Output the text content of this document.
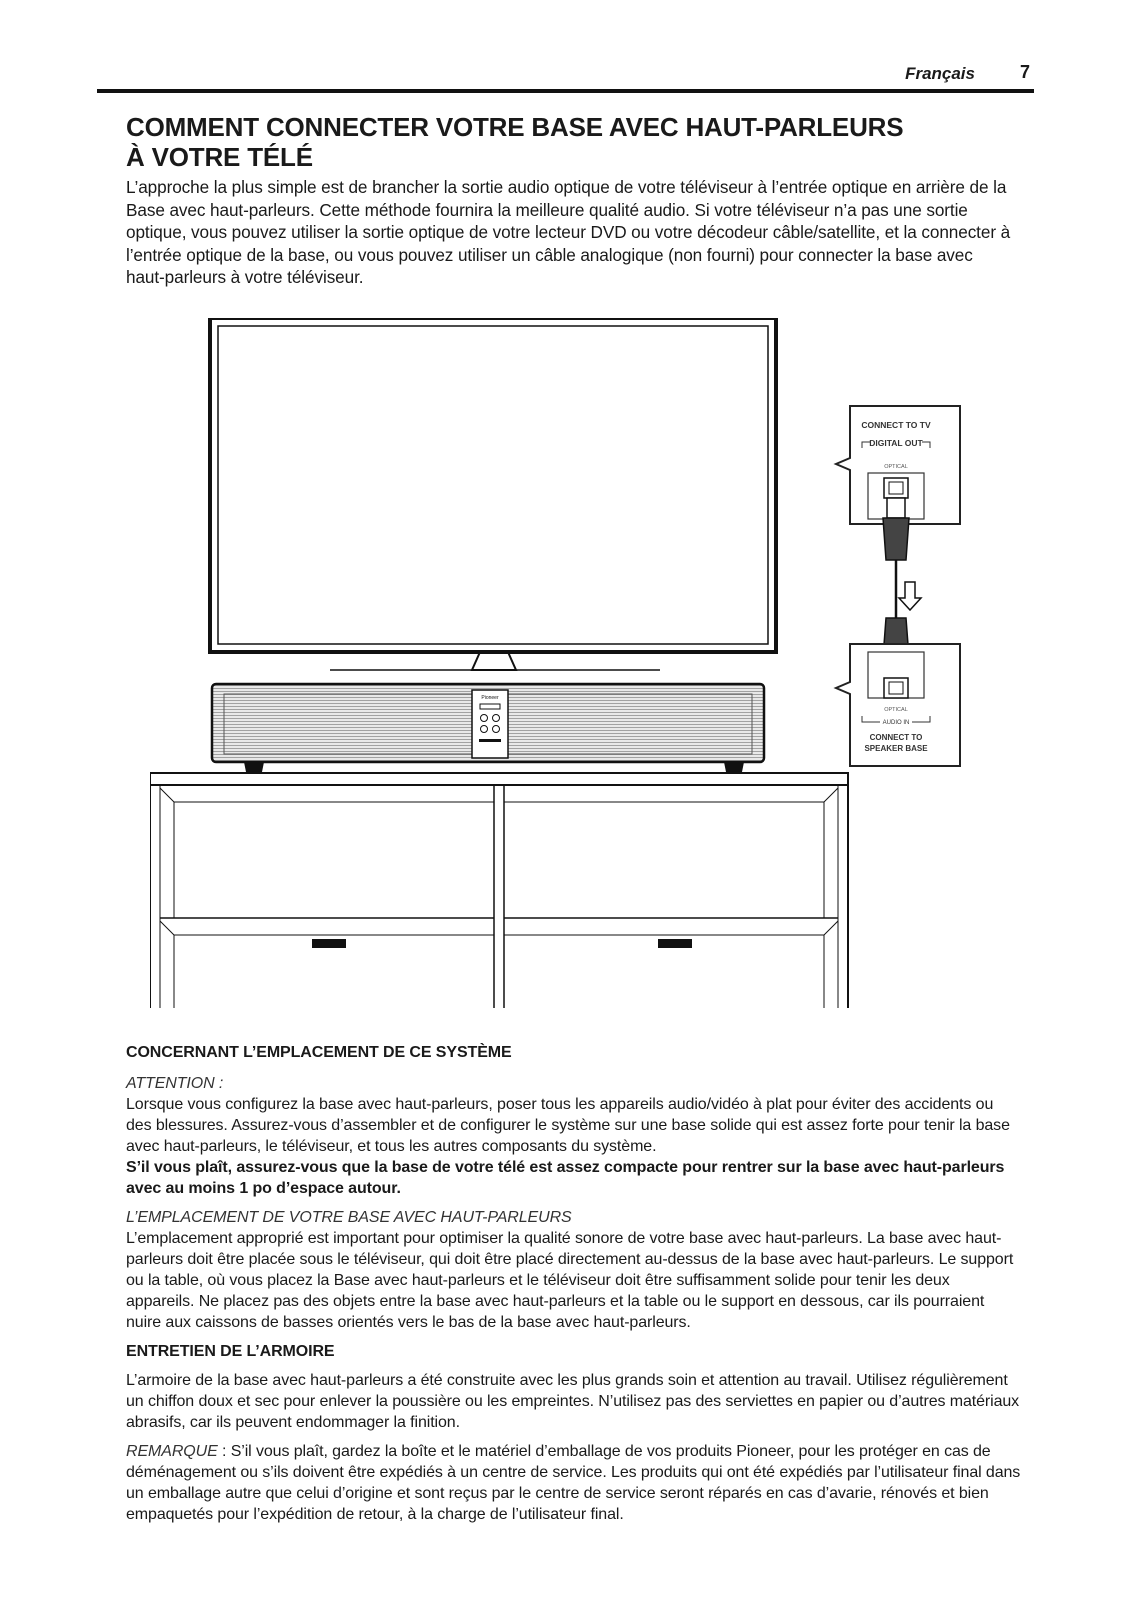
Français	7
COMMENT CONNECTER VOTRE BASE AVEC HAUT-PARLEURS
À VOTRE TÉLÉ

L’approche la plus simple est de brancher la sortie audio optique de votre téléviseur à l’entrée optique en arrière de la Base avec haut-parleurs. Cette méthode fournira la meilleure qualité audio. Si votre téléviseur n’a pas une sortie optique, vous pouvez utiliser la sortie optique de votre lecteur DVD ou votre décodeur câble/satellite, et la connecter à l’entrée optique de la base, ou vous pouvez utiliser un câble analogique (non fourni) pour connecter la base avec haut-parleurs à votre téléviseur.

Pioneer
CONNECT TO TV
DIGITAL OUT
OPTICAL
OPTICAL
AUDIO IN
CONNECT TO
SPEAKER BASE
CONCERNANT L’EMPLACEMENT DE CE SYSTÈME

ATTENTION :

Lorsque vous configurez la base avec haut-parleurs, poser tous les appareils audio/vidéo à plat pour éviter des accidents ou des blessures. Assurez-vous d’assembler et de configurer le système sur une base solide qui est assez forte pour tenir la base avec haut-parleurs, le téléviseur, et tous les autres composants du système.

S’il vous plaît, assurez-vous que la base de votre télé est assez compacte pour rentrer sur la base avec haut-parleurs avec au moins 1 po d’espace autour.

L’EMPLACEMENT DE VOTRE BASE AVEC HAUT-PARLEURS

L’emplacement approprié est important pour optimiser la qualité sonore de votre base avec haut-parleurs. La base avec haut-parleurs doit être placée sous le téléviseur, qui doit être placé directement au-dessus de la base avec haut-parleurs. Le support ou la table, où vous placez la Base avec haut-parleurs et le téléviseur doit être suffisamment solide pour tenir les deux appareils. Ne placez pas des objets entre la base avec haut-parleurs et la table ou le support en dessous, car ils pourraient nuire aux caissons de basses orientés vers le bas de la base avec haut-parleurs.

ENTRETIEN DE L’ARMOIRE

L’armoire de la base avec haut-parleurs a été construite avec les plus grands soin et attention au travail. Utilisez régulièrement un chiffon doux et sec pour enlever la poussière ou les empreintes. N’utilisez pas des serviettes en papier ou d’autres matériaux abrasifs, car ils peuvent endommager la finition.

REMARQUE : S’il vous plaît, gardez la boîte et le matériel d’emballage de vos produits Pioneer, pour les protéger en cas de déménagement ou s’ils doivent être expédiés à un centre de service. Les produits qui ont été expédiés par l’utilisateur final dans un emballage autre que celui d’origine et sont reçus par le centre de service seront réparés en cas d’avarie, rénovés et bien empaquetés pour l’expédition de retour, à la charge de l’utilisateur final.
